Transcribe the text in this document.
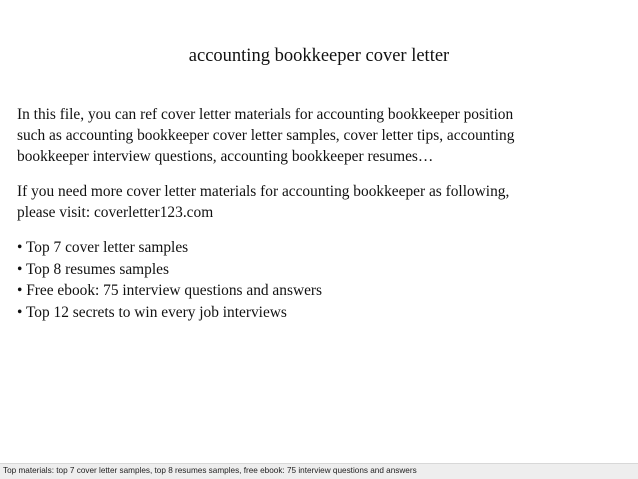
accounting bookkeeper cover letter

In this file, you can ref cover letter materials for accounting bookkeeper position
such as accounting bookkeeper cover letter samples, cover letter tips, accounting
bookkeeper interview questions, accounting bookkeeper resumes…

If you need more cover letter materials for accounting bookkeeper as following,
please visit: coverletter123.com

• Top 7 cover letter samples
• Top 8 resumes samples
• Free ebook: 75 interview questions and answers
• Top 12 secrets to win every job interviews
Top materials: top 7 cover letter samples, top 8 resumes samples, free ebook: 75 interview questions and answers
